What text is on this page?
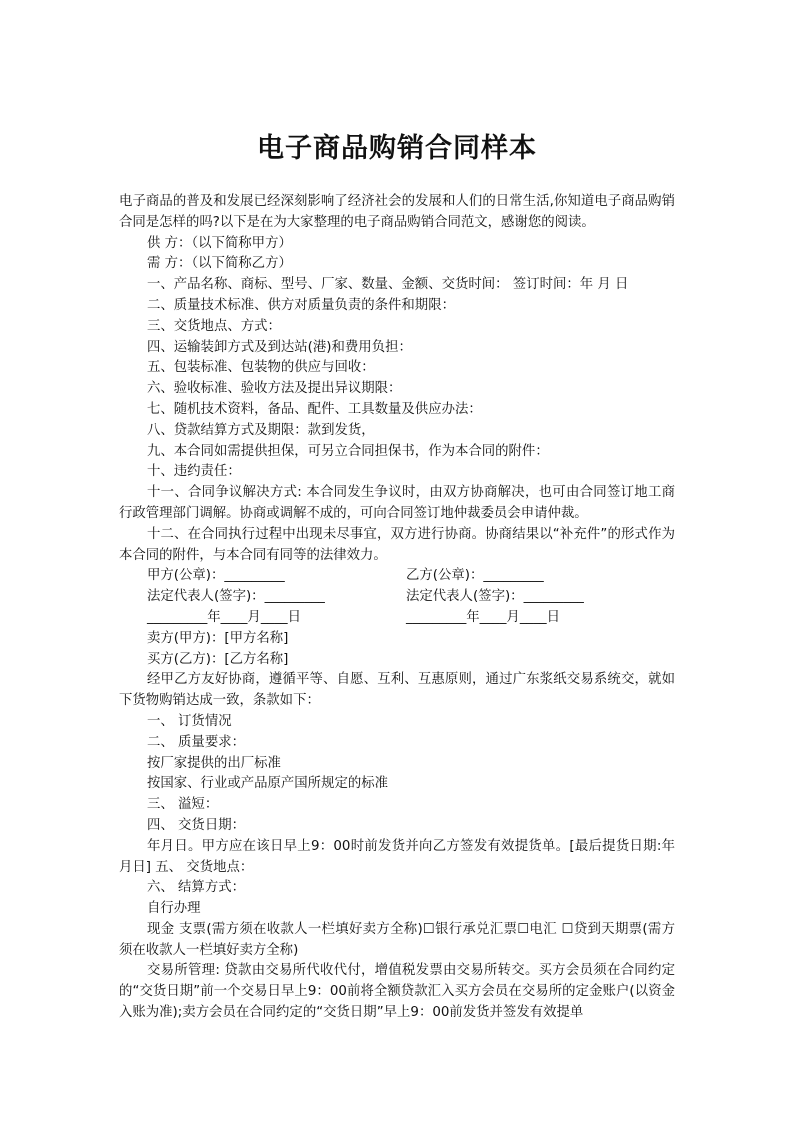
电子商品购销合同样本

电子商品的普及和发展已经深刻影响了经济社会的发展和人们的日常生活,你知道电子商品购销合同是怎样的吗?以下是在为大家整理的电子商品购销合同范文，感谢您的阅读。

供 方：（以下简称甲方）

需 方：（以下简称乙方）

一、产品名称、商标、型号、厂家、数量、金额、交货时间： 签订时间：年 月 日

二、质量技术标准、供方对质量负责的条件和期限：

三、交货地点、方式：

四、运输装卸方式及到达站(港)和费用负担：

五、包装标准、包装物的供应与回收：

六、验收标准、验收方法及提出异议期限：

七、随机技术资料，备品、配件、工具数量及供应办法：

八、贷款结算方式及期限：款到发货，

九、本合同如需提供担保，可另立合同担保书，作为本合同的附件：

十、违约责任：

十一、合同争议解决方式: 本合同发生争议时，由双方协商解决，也可由合同签订地工商行政管理部门调解。协商或调解不成的，可向合同签订地仲裁委员会申请仲裁。

十二、在合同执行过程中出现未尽事宜，双方进行协商。协商结果以“补充件”的形式作为本合同的附件，与本合同有同等的法律效力。

甲方(公章)：_________	乙方(公章)：_________
法定代表人(签字)：_________	法定代表人(签字)：_________
_________年____月____日	_________年____月____日

卖方(甲方)：[甲方名称]

买方(乙方)：[乙方名称]

经甲乙方友好协商，遵循平等、自愿、互利、互惠原则，通过广东浆纸交易系统交，就如下货物购销达成一致，条款如下：

一、 订货情况

二、 质量要求：

按厂家提供的出厂标准

按国家、行业或产品原产国所规定的标准

三、 溢短：

四、 交货日期：

年月日。甲方应在该日早上9：00时前发货并向乙方签发有效提货单。[最后提货日期:年月日] 五、 交货地点：

六、 结算方式：

自行办理

现金 支票(需方须在收款人一栏填好卖方全称)☐银行承兑汇票☐电汇 ☐贷到天期票(需方须在收款人一栏填好卖方全称)

交易所管理: 贷款由交易所代收代付，增值税发票由交易所转交。买方会员须在合同约定的“交货日期”前一个交易日早上9：00前将全额贷款汇入买方会员在交易所的定金账户(以资金入账为准);卖方会员在合同约定的“交货日期”早上9：00前发货并签发有效提单
